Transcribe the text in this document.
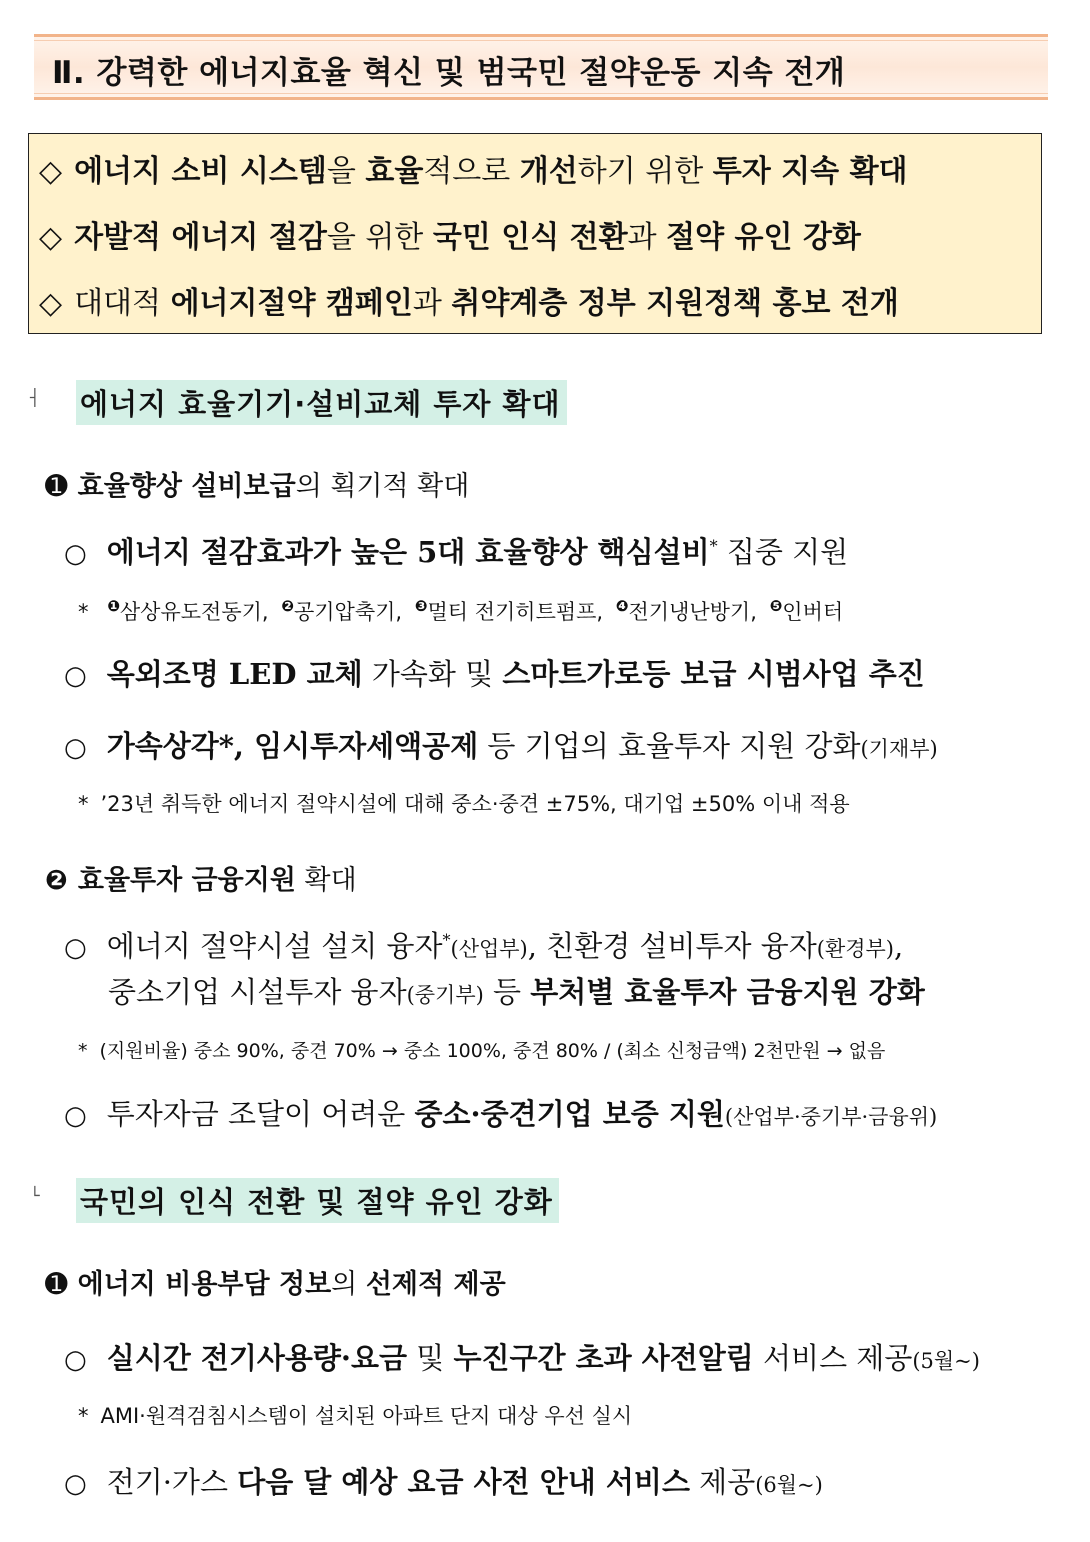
Ⅱ. 강력한 에너지효율 혁신 및 범국민 절약운동 지속 전개
◇ 에너지 소비 시스템을 효율적으로 개선하기 위한 투자 지속 확대
◇ 자발적 에너지 절감을 위한 국민 인식 전환과 절약 유인 강화
◇ 대대적 에너지절약 캠페인과 취약계층 정부 지원정책 홍보 전개
┤ 에너지 효율기기·설비교체 투자 확대
➊ 효율향상 설비보급의 획기적 확대
○ 에너지 절감효과가 높은 5대 효율향상 핵심설비* 집중 지원
* $^❶$삼상유도전동기, $^❷$공기압축기, $^❸$멀티 전기히트펌프, $^❹$전기냉난방기, $^❺$인버터
○ 옥외조명 LED 교체 가속화 및 스마트가로등 보급 시범사업 추진
○ 가속상각*, 임시투자세액공제 등 기업의 효율투자 지원 강화(기재부)
* ’23년 취득한 에너지 절약시설에 대해 중소·중견 ±75%, 대기업 ±50% 이내 적용
❷ 효율투자 금융지원 확대
○ 에너지 절약시설 설치 융자*(산업부), 친환경 설비투자 융자(환경부),
중소기업 시설투자 융자(중기부) 등 부처별 효율투자 금융지원 강화
* (지원비율) 중소 90%, 중견 70% → 중소 100%, 중견 80% / (최소 신청금액) 2천만원 → 없음
○ 투자자금 조달이 어려운 중소·중견기업 보증 지원(산업부·중기부·금융위)
└ 국민의 인식 전환 및 절약 유인 강화
➊ 에너지 비용부담 정보의 선제적 제공
○ 실시간 전기사용량·요금 및 누진구간 초과 사전알림 서비스 제공(5월~)
* AMI·원격검침시스템이 설치된 아파트 단지 대상 우선 실시
○ 전기·가스 다음 달 예상 요금 사전 안내 서비스 제공(6월~)
